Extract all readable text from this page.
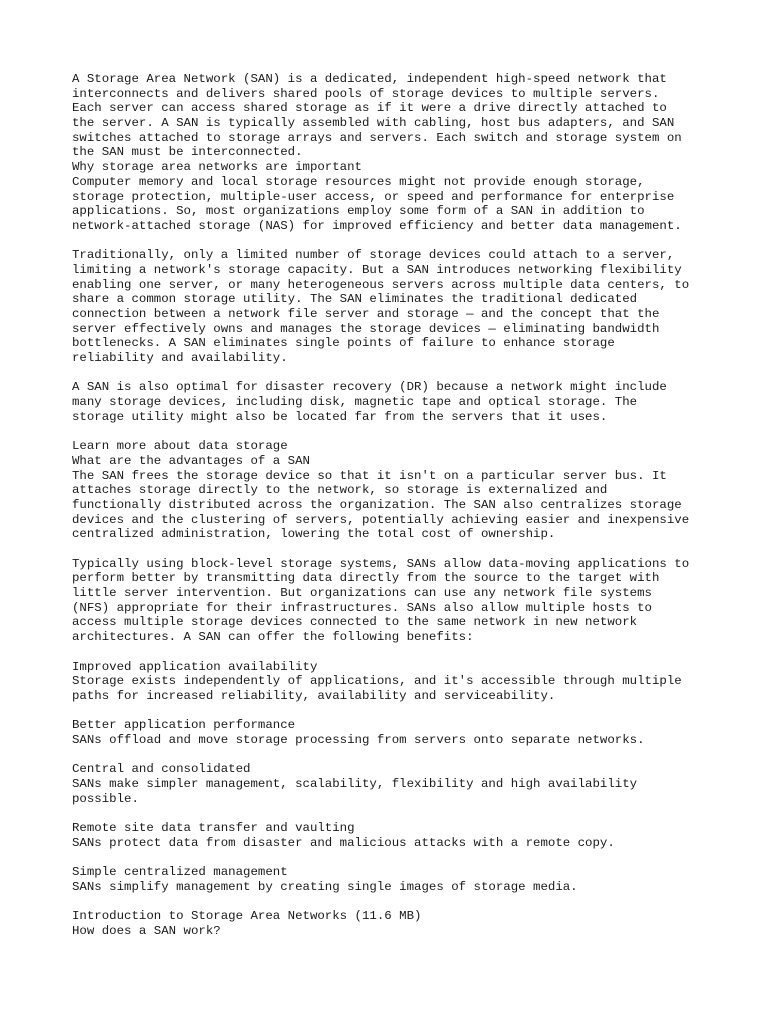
A Storage Area Network (SAN) is a dedicated, independent high-speed network that
interconnects and delivers shared pools of storage devices to multiple servers.
Each server can access shared storage as if it were a drive directly attached to
the server. A SAN is typically assembled with cabling, host bus adapters, and SAN
switches attached to storage arrays and servers. Each switch and storage system on
the SAN must be interconnected.
Why storage area networks are important
Computer memory and local storage resources might not provide enough storage,
storage protection, multiple-user access, or speed and performance for enterprise
applications. So, most organizations employ some form of a SAN in addition to
network-attached storage (NAS) for improved efficiency and better data management.
Traditionally, only a limited number of storage devices could attach to a server,
limiting a network's storage capacity. But a SAN introduces networking flexibility
enabling one server, or many heterogeneous servers across multiple data centers, to
share a common storage utility. The SAN eliminates the traditional dedicated
connection between a network file server and storage — and the concept that the
server effectively owns and manages the storage devices — eliminating bandwidth
bottlenecks. A SAN eliminates single points of failure to enhance storage
reliability and availability.
A SAN is also optimal for disaster recovery (DR) because a network might include
many storage devices, including disk, magnetic tape and optical storage. The
storage utility might also be located far from the servers that it uses.
Learn more about data storage
What are the advantages of a SAN
The SAN frees the storage device so that it isn't on a particular server bus. It
attaches storage directly to the network, so storage is externalized and
functionally distributed across the organization. The SAN also centralizes storage
devices and the clustering of servers, potentially achieving easier and inexpensive
centralized administration, lowering the total cost of ownership.
Typically using block-level storage systems, SANs allow data-moving applications to
perform better by transmitting data directly from the source to the target with
little server intervention. But organizations can use any network file systems
(NFS) appropriate for their infrastructures. SANs also allow multiple hosts to
access multiple storage devices connected to the same network in new network
architectures. A SAN can offer the following benefits:
Improved application availability
Storage exists independently of applications, and it's accessible through multiple
paths for increased reliability, availability and serviceability.
Better application performance
SANs offload and move storage processing from servers onto separate networks.
Central and consolidated
SANs make simpler management, scalability, flexibility and high availability
possible.
Remote site data transfer and vaulting
SANs protect data from disaster and malicious attacks with a remote copy.
Simple centralized management
SANs simplify management by creating single images of storage media.
Introduction to Storage Area Networks (11.6 MB)
How does a SAN work?
